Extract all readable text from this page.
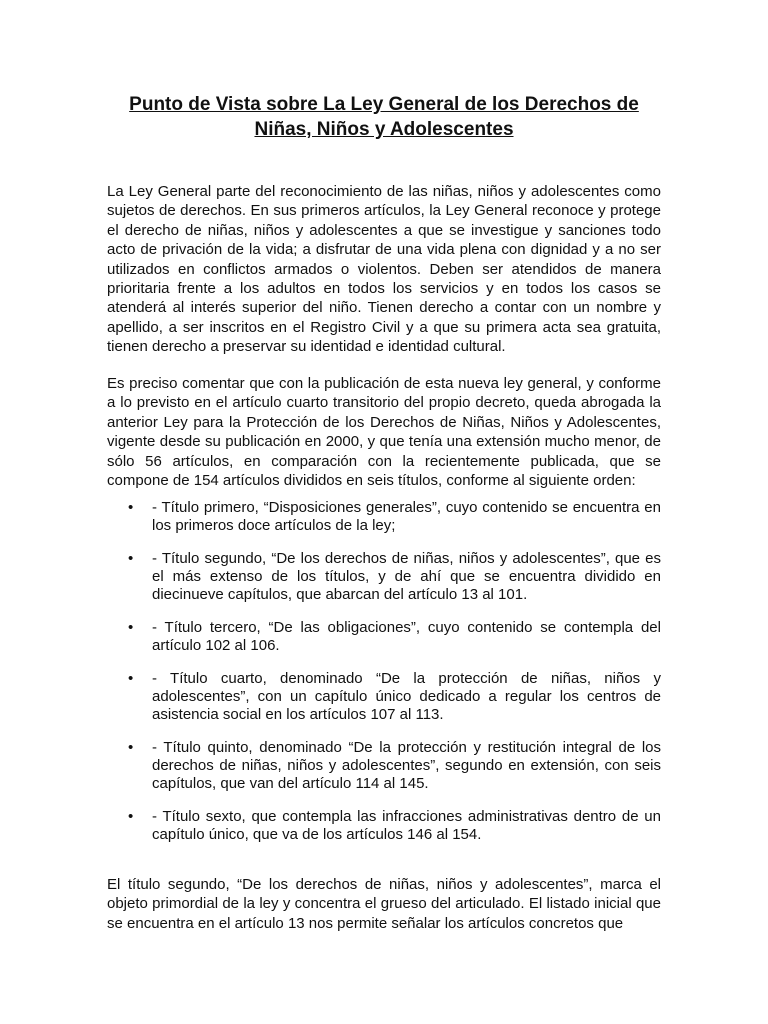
Punto de Vista sobre La Ley General de los Derechos de
Niñas, Niños y Adolescentes

La Ley General parte del reconocimiento de las niñas, niños y adolescentes como sujetos de derechos. En sus primeros artículos, la Ley General reconoce y protege el derecho de niñas, niños y adolescentes a que se investigue y sanciones todo acto de privación de la vida; a disfrutar de una vida plena con dignidad y a no ser utilizados en conflictos armados o violentos. Deben ser atendidos de manera prioritaria frente a los adultos en todos los servicios y en todos los casos se atenderá al interés superior del niño. Tienen derecho a contar con un nombre y apellido, a ser inscritos en el Registro Civil y a que su primera acta sea gratuita, tienen derecho a preservar su identidad e identidad cultural.

Es preciso comentar que con la publicación de esta nueva ley general, y conforme a lo previsto en el artículo cuarto transitorio del propio decreto, queda abrogada la anterior Ley para la Protección de los Derechos de Niñas, Niños y Adolescentes, vigente desde su publicación en 2000, y que tenía una extensión mucho menor, de sólo 56 artículos, en comparación con la recientemente publicada, que se compone de 154 artículos divididos en seis títulos, conforme al siguiente orden:

• - Título primero, “Disposiciones generales”, cuyo contenido se encuentra en los primeros doce artículos de la ley;
• - Título segundo, “De los derechos de niñas, niños y adolescentes”, que es el más extenso de los títulos, y de ahí que se encuentra dividido en diecinueve capítulos, que abarcan del artículo 13 al 101.
• - Título tercero, “De las obligaciones”, cuyo contenido se contempla del artículo 102 al 106.
• - Título cuarto, denominado “De la protección de niñas, niños y adolescentes”, con un capítulo único dedicado a regular los centros de asistencia social en los artículos 107 al 113.
• - Título quinto, denominado “De la protección y restitución integral de los derechos de niñas, niños y adolescentes”, segundo en extensión, con seis capítulos, que van del artículo 114 al 145.
• - Título sexto, que contempla las infracciones administrativas dentro de un capítulo único, que va de los artículos 146 al 154.

El título segundo, “De los derechos de niñas, niños y adolescentes”, marca el objeto primordial de la ley y concentra el grueso del articulado. El listado inicial que se encuentra en el artículo 13 nos permite señalar los artículos concretos que
